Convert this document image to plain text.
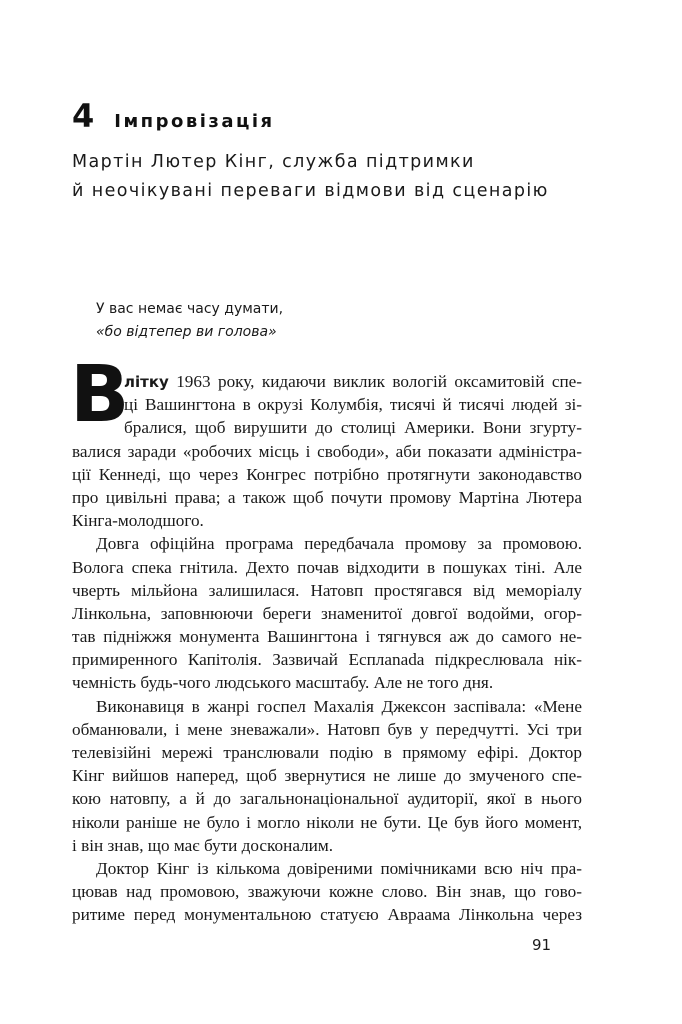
4 Імпровізація
Мартін Лютер Кінг, служба підтримки
й неочікувані переваги відмови від сценарію
У вас немає часу думати,
«бо відтепер ви голова»
В
літку 1963 року, кидаючи виклик вологій оксамитовій спе-
ці Вашингтона в окрузі Колумбія, тисячі й тисячі людей зі-
бралися, щоб вирушити до столиці Америки. Вони згурту-
валися заради «робочих місць і свободи», аби показати адміністра-
ції Кеннеді, що через Конгрес потрібно протягнути законодавство
про цивільні права; а також щоб почути промову Мартіна Лютера
Кінга-молодшого.
Довга офіційна програма передбачала промову за промовою.
Волога спека гнітила. Дехто почав відходити в пошуках тіні. Але
чверть мільйона залишилася. Натовп простягався від меморіалу
Лінкольна, заповнюючи береги знаменитої довгої водойми, огор-
тав підніжжя монумента Вашингтона і тягнувся аж до самого не-
примиренного Капітолія. Зазвичай Есплanada підкреслювала нік-
чемність будь-чого людського масштабу. Але не того дня.
Виконавиця в жанрі госпел Махалія Джексон заспівала: «Мене
обманювали, і мене зневажали». Натовп був у передчутті. Усі три
телевізійні мережі транслювали подію в прямому ефірі. Доктор
Кінг вийшов наперед, щоб звернутися не лише до змученого спе-
кою натовпу, а й до загальнонаціональної аудиторії, якої в нього
ніколи раніше не було і могло ніколи не бути. Це був його момент,
і він знав, що має бути досконалим.
Доктор Кінг із кількома довіреними помічниками всю ніч пра-
цював над промовою, зважуючи кожне слово. Він знав, що гово-
ритиме перед монументальною статуєю Авраама Лінкольна через
91
